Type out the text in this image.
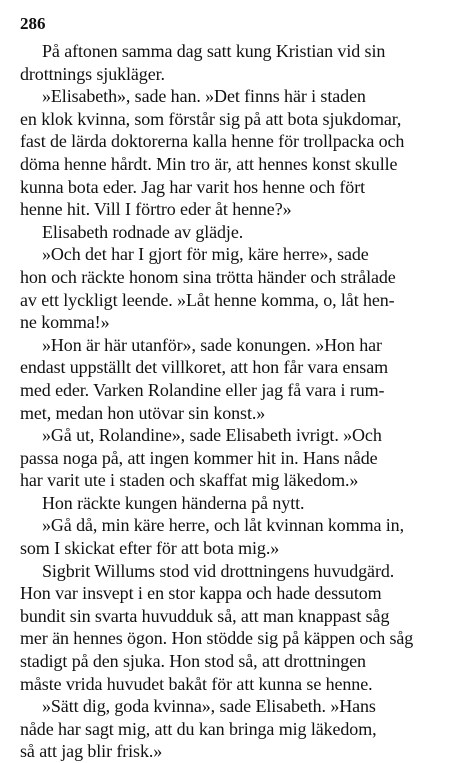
286
På aftonen samma dag satt kung Kristian vid sin
drottnings sjukläger.
»Elisabeth», sade han. »Det finns här i staden
en klok kvinna, som förstår sig på att bota sjukdomar,
fast de lärda doktorerna kalla henne för trollpacka och
döma henne hårdt. Min tro är, att hennes konst skulle
kunna bota eder. Jag har varit hos henne och fört
henne hit. Vill I förtro eder åt henne?»
Elisabeth rodnade av glädje.
»Och det har I gjort för mig, käre herre», sade
hon och räckte honom sina trötta händer och strålade
av ett lyckligt leende. »Låt henne komma, o, låt hen-
ne komma!»
»Hon är här utanför», sade konungen. »Hon har
endast uppställt det villkoret, att hon får vara ensam
med eder. Varken Rolandine eller jag få vara i rum-
met, medan hon utövar sin konst.»
»Gå ut, Rolandine», sade Elisabeth ivrigt. »Och
passa noga på, att ingen kommer hit in. Hans nåde
har varit ute i staden och skaffat mig läkedom.»
Hon räckte kungen händerna på nytt.
»Gå då, min käre herre, och låt kvinnan komma in,
som I skickat efter för att bota mig.»
Sigbrit Willums stod vid drottningens huvudgärd.
Hon var insvept i en stor kappa och hade dessutom
bundit sin svarta huvudduk så, att man knappast såg
mer än hennes ögon. Hon stödde sig på käppen och såg
stadigt på den sjuka. Hon stod så, att drottningen
måste vrida huvudet bakåt för att kunna se henne.
»Sätt dig, goda kvinna», sade Elisabeth. »Hans
nåde har sagt mig, att du kan bringa mig läkedom,
så att jag blir frisk.»
